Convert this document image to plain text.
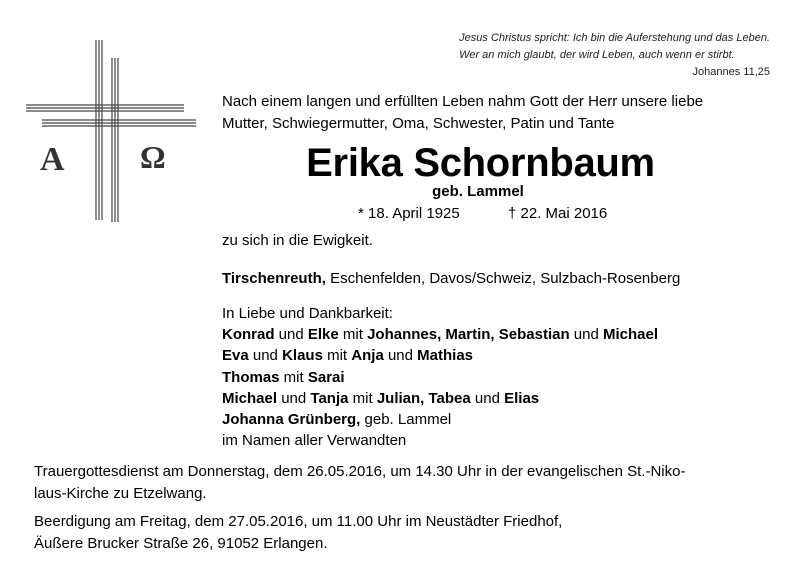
Jesus Christus spricht: Ich bin die Auferstehung und das Leben.
Wer an mich glaubt, der wird Leben, auch wenn er stirbt.
Johannes 11,25
A Ω
Nach einem langen und erfüllten Leben nahm Gott der Herr unsere liebe
Mutter, Schwiegermutter, Oma, Schwester, Patin und Tante
Erika Schornbaum
geb. Lammel
* 18. April 1925	† 22. Mai 2016
zu sich in die Ewigkeit.
Tirschenreuth, Eschenfelden, Davos/Schweiz, Sulzbach-Rosenberg
In Liebe und Dankbarkeit:
Konrad und Elke mit Johannes, Martin, Sebastian und Michael
Eva und Klaus mit Anja und Mathias
Thomas mit Sarai
Michael und Tanja mit Julian, Tabea und Elias
Johanna Grünberg, geb. Lammel
im Namen aller Verwandten
Trauergottesdienst am Donnerstag, dem 26.05.2016, um 14.30 Uhr in der evangelischen St.-Niko-
laus-Kirche zu Etzelwang.
Beerdigung am Freitag, dem 27.05.2016, um 11.00 Uhr im Neustädter Friedhof,
Äußere Brucker Straße 26, 91052 Erlangen.
